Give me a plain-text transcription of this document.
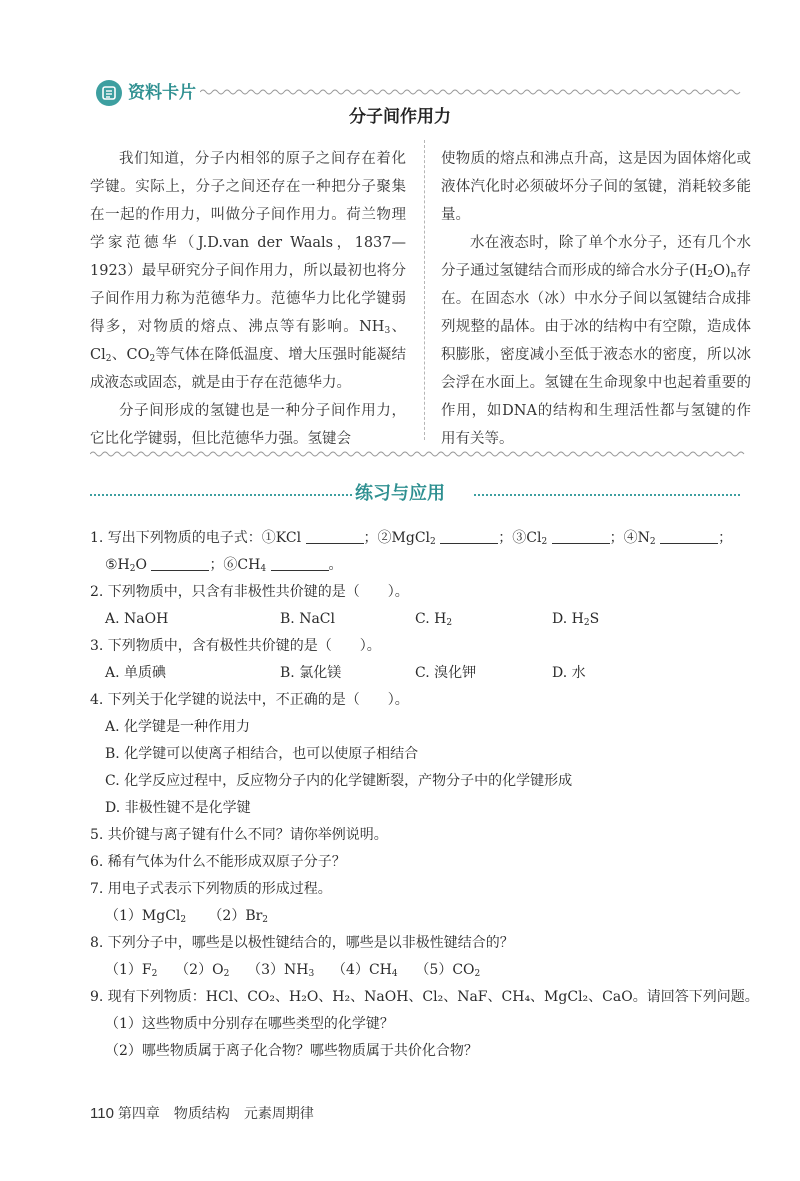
资料卡片
分子间作用力

我们知道，分子内相邻的原子之间存在着化学键。实际上，分子之间还存在一种把分子聚集在一起的作用力，叫做分子间作用力。荷兰物理学家范德华（J.D.van der Waals，1837—1923）最早研究分子间作用力，所以最初也将分子间作用力称为范德华力。范德华力比化学键弱得多，对物质的熔点、沸点等有影响。$NH_3$、$Cl_2$、$CO_2$等气体在降低温度、增大压强时能凝结成液态或固态，就是由于存在范德华力。

分子间形成的氢键也是一种分子间作用力，它比化学键弱，但比范德华力强。氢键会

使物质的熔点和沸点升高，这是因为固体熔化或液体汽化时必须破坏分子间的氢键，消耗较多能量。

水在液态时，除了单个水分子，还有几个水分子通过氢键结合而形成的缔合水分子$(H_2O)_n$存在。在固态水（冰）中水分子间以氢键结合成排列规整的晶体。由于冰的结构中有空隙，造成体积膨胀，密度减小至低于液态水的密度，所以冰会浮在水面上。氢键在生命现象中也起着重要的作用，如DNA的结构和生理活性都与氢键的作用有关等。

练习与应用
1. 写出下列物质的电子式：①KCl	；②MgCl$_2$	；$③Cl_2$	；$④N_2$	；
$⑤H_2O$	；$⑥CH_4$	。
2. 下列物质中，只含有非极性共价键的是（　　）。
A. NaOH	B. NaCl	C. $H_2$	D. $H_2S$
3. 下列物质中，含有极性共价键的是（　　）。
A. 单质碘	B. 氯化镁	C. 溴化钾	D. 水
4. 下列关于化学键的说法中，不正确的是（　　）。
A. 化学键是一种作用力
B. 化学键可以使离子相结合，也可以使原子相结合
C. 化学反应过程中，反应物分子内的化学键断裂，产物分子中的化学键形成
D. 非极性键不是化学键
5. 共价键与离子键有什么不同？请你举例说明。
6. 稀有气体为什么不能形成双原子分子？
7. 用电子式表示下列物质的形成过程。
（1）MgCl$_2$ $(2)Br_2$
8. 下列分子中，哪些是以极性键结合的，哪些是以非极性键结合的？
$(1)F_2$ $(2)O_2$ $(3)NH_3$ $(4)CH_4$ $(5)CO_2$
9. 现有下列物质：HCl、CO₂、H₂O、H₂、NaOH、Cl₂、NaF、CH₄、MgCl₂、CaO。请回答下列问题。
（1）这些物质中分别存在哪些类型的化学键？
（2）哪些物质属于离子化合物？哪些物质属于共价化合物？
110 第四章　物质结构　元素周期律
